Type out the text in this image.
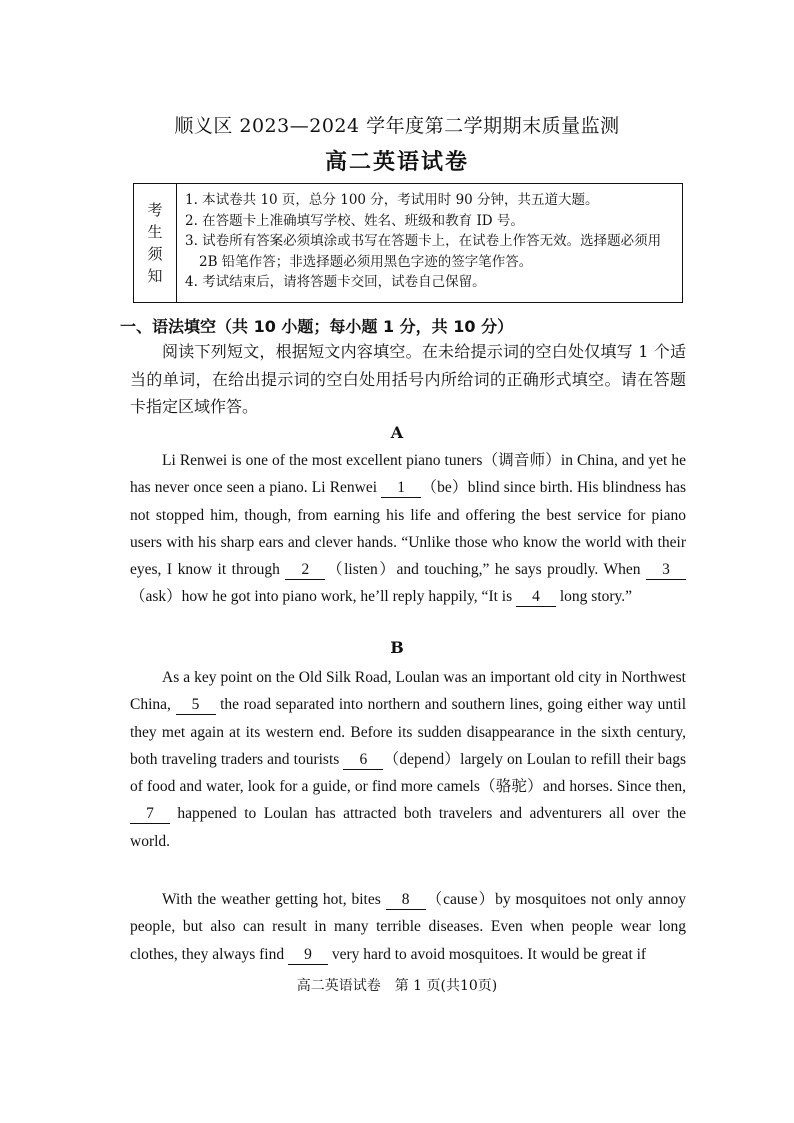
顺义区 2023—2024 学年度第二学期期末质量监测
高二英语试卷
考
生
须
知
1. 本试卷共 10 页，总分 100 分，考试用时 90 分钟，共五道大题。
2. 在答题卡上准确填写学校、姓名、班级和教育 ID 号。
3. 试卷所有答案必须填涂或书写在答题卡上，在试卷上作答无效。选择题必须用
2B 铅笔作答；非选择题必须用黑色字迹的签字笔作答。
4. 考试结束后，请将答题卡交回，试卷自己保留。
一、语法填空（共 10 小题；每小题 1 分，共 10 分）
阅读下列短文，根据短文内容填空。在未给提示词的空白处仅填写 1 个适当的单词，在给出提示词的空白处用括号内所给词的正确形式填空。请在答题卡指定区域作答。
A
Li Renwei is one of the most excellent piano tuners（调音师）in China, and yet he has never once seen a piano. Li Renwei 1 （be）blind since birth. His blindness has not stopped him, though, from earning his life and offering the best service for piano users with his sharp ears and clever hands. “Unlike those who know the world with their eyes, I know it through 2 （listen）and touching,” he says proudly. When 3（ask）how he got into piano work, he’ll reply happily, “It is 4 long story.”
B
As a key point on the Old Silk Road, Loulan was an important old city in Northwest China, 5 the road separated into northern and southern lines, going either way until they met again at its western end. Before its sudden disappearance in the sixth century, both traveling traders and tourists 6 （depend）largely on Loulan to refill their bags of food and water, look for a guide, or find more camels（骆驼）and horses. Since then, 7 happened to Loulan has attracted both travelers and adventurers all over the world.
With the weather getting hot, bites 8 （cause）by mosquitoes not only annoy people, but also can result in many terrible diseases. Even when people wear long clothes, they always find 9 very hard to avoid mosquitoes. It would be great if
高二英语试卷　第 1 页(共10页)
